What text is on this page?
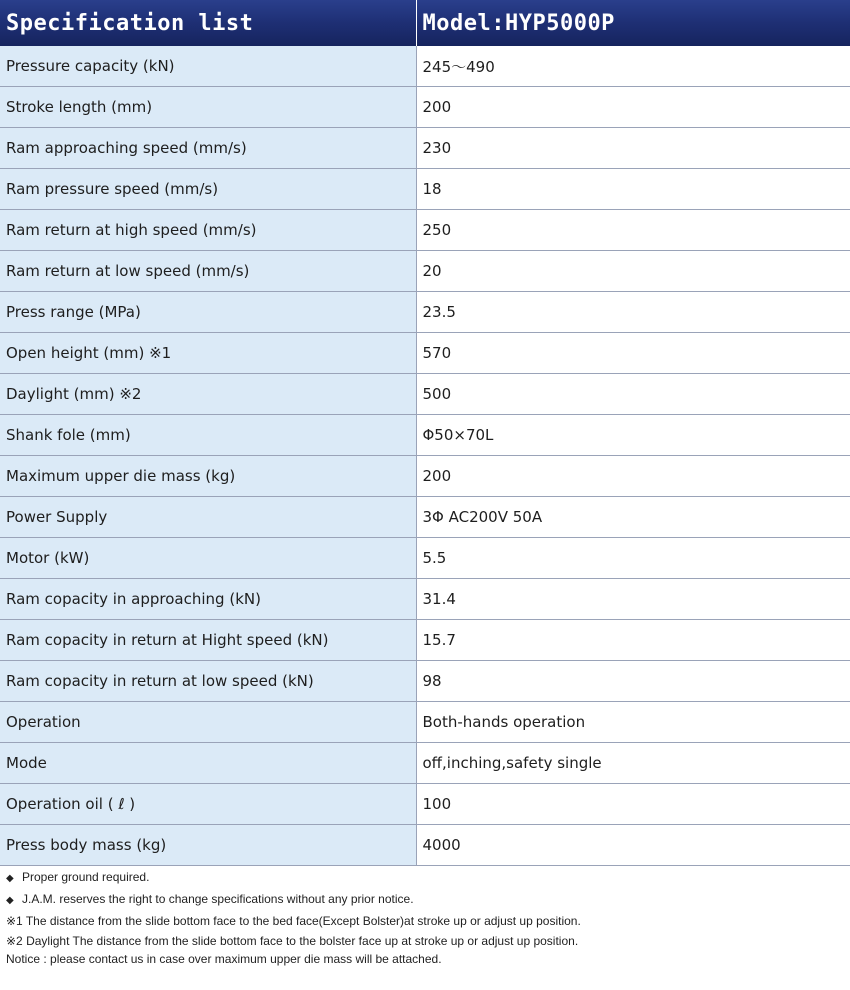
Specification list	Model:HYP5000P
Pressure capacity (kN)	245～490
Stroke length (mm)	200
Ram approaching speed (mm/s)	230
Ram pressure speed (mm/s)	18
Ram return at high speed (mm/s)	250
Ram return at low speed (mm/s)	20
Press range (MPa)	23.5
Open height (mm) ※1	570
Daylight (mm) ※2	500
Shank fole (mm)	Φ50×70L
Maximum upper die mass (kg)	200
Power Supply	3Φ AC200V 50A
Motor (kW)	5.5
Ram copacity in approaching (kN)	31.4
Ram copacity in return at Hight speed (kN)	15.7
Ram copacity in return at low speed (kN)	98
Operation	Both-hands operation
Mode	off,inching,safety single
Operation oil ( ℓ )	100
Press body mass (kg)	4000
◆ Proper ground required.
◆ J.A.M. reserves the right to change specifications without any prior notice.
※1 The distance from the slide bottom face to the bed face(Except Bolster)at stroke up or adjust up position.
※2 Daylight The distance from the slide bottom face to the bolster face up at stroke up or adjust up position.
Notice : please contact us in case over maximum upper die mass will be attached.
